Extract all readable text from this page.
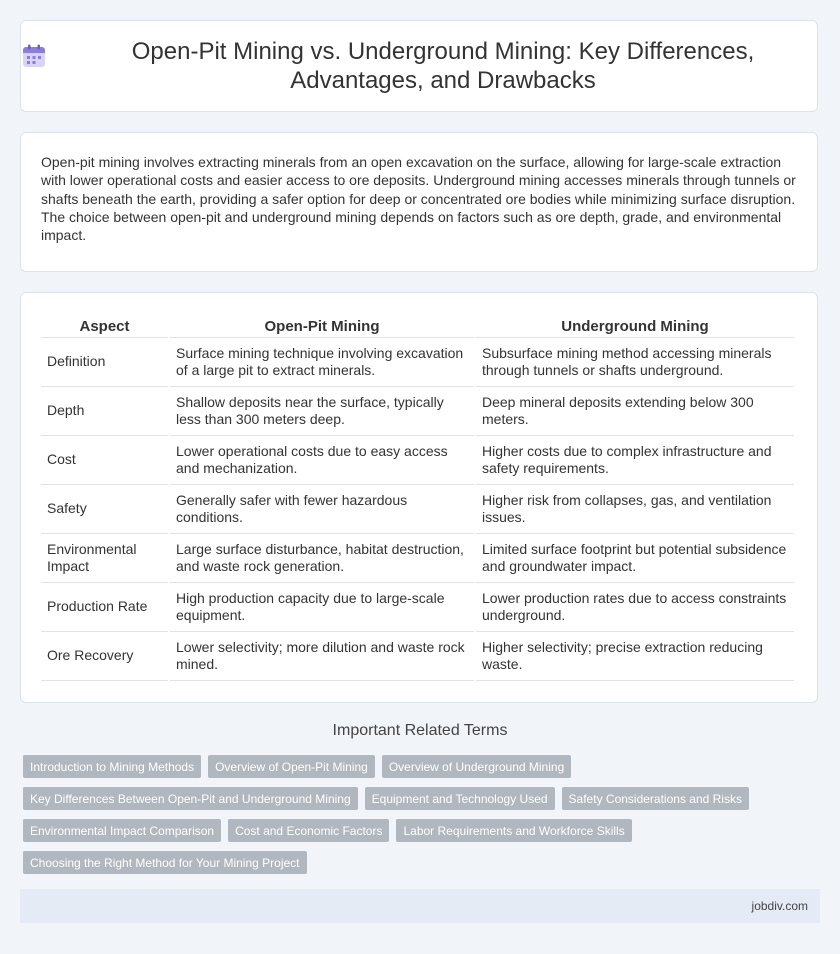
Open-Pit Mining vs. Underground Mining: Key Differences, Advantages, and Drawbacks
Open-pit mining involves extracting minerals from an open excavation on the surface, allowing for large-scale extraction with lower operational costs and easier access to ore deposits. Underground mining accesses minerals through tunnels or shafts beneath the earth, providing a safer option for deep or concentrated ore bodies while minimizing surface disruption. The choice between open-pit and underground mining depends on factors such as ore depth, grade, and environmental impact.
Aspect	Open-Pit Mining	Underground Mining
Definition	Surface mining technique involving excavation of a large pit to extract minerals.	Subsurface mining method accessing minerals through tunnels or shafts underground.
Depth	Shallow deposits near the surface, typically less than 300 meters deep.	Deep mineral deposits extending below 300 meters.
Cost	Lower operational costs due to easy access and mechanization.	Higher costs due to complex infrastructure and safety requirements.
Safety	Generally safer with fewer hazardous conditions.	Higher risk from collapses, gas, and ventilation issues.
Environmental Impact	Large surface disturbance, habitat destruction, and waste rock generation.	Limited surface footprint but potential subsidence and groundwater impact.
Production Rate	High production capacity due to large-scale equipment.	Lower production rates due to access constraints underground.
Ore Recovery	Lower selectivity; more dilution and waste rock mined.	Higher selectivity; precise extraction reducing waste.
Important Related Terms
Introduction to Mining Methods	Overview of Open-Pit Mining	Overview of Underground Mining
Key Differences Between Open-Pit and Underground Mining	Equipment and Technology Used	Safety Considerations and Risks
Environmental Impact Comparison	Cost and Economic Factors	Labor Requirements and Workforce Skills
Choosing the Right Method for Your Mining Project
jobdiv.com
